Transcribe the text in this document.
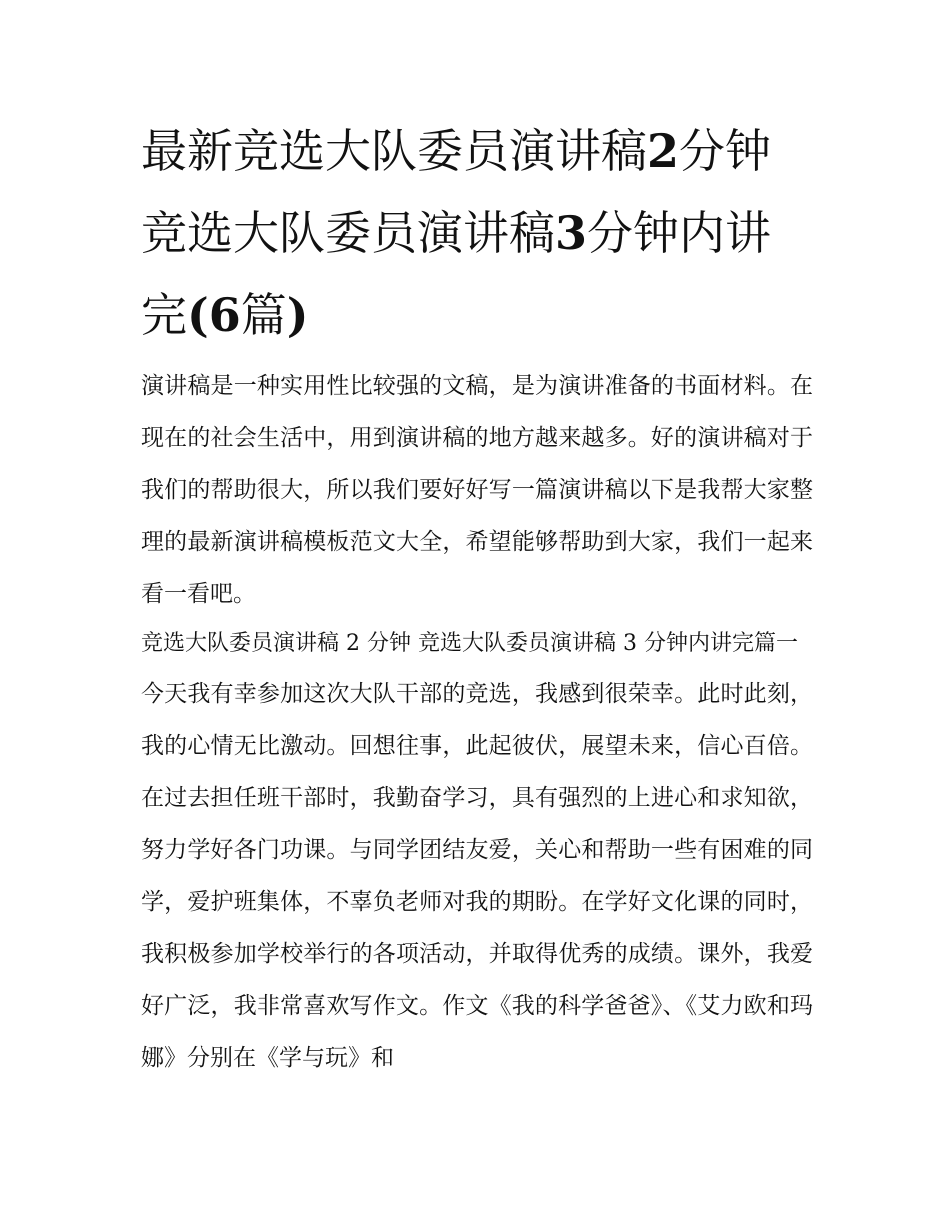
最新竞选大队委员演讲稿2分钟 竞选大队委员演讲稿3分钟内讲完(6篇)

演讲稿是一种实用性比较强的文稿，是为演讲准备的书面材料。在现在的社会生活中，用到演讲稿的地方越来越多。好的演讲稿对于我们的帮助很大，所以我们要好好写一篇演讲稿以下是我帮大家整理的最新演讲稿模板范文大全，希望能够帮助到大家，我们一起来看一看吧。

竞选大队委员演讲稿 2 分钟 竞选大队委员演讲稿 3 分钟内讲完篇一

今天我有幸参加这次大队干部的竞选，我感到很荣幸。此时此刻，我的心情无比激动。回想往事，此起彼伏，展望未来，信心百倍。在过去担任班干部时，我勤奋学习，具有强烈的上进心和求知欲，努力学好各门功课。与同学团结友爱，关心和帮助一些有困难的同学，爱护班集体，不辜负老师对我的期盼。在学好文化课的同时，我积极参加学校举行的各项活动，并取得优秀的成绩。课外，我爱好广泛，我非常喜欢写作文。作文《我的科学爸爸》、《艾力欧和玛娜》分别在《学与玩》和
